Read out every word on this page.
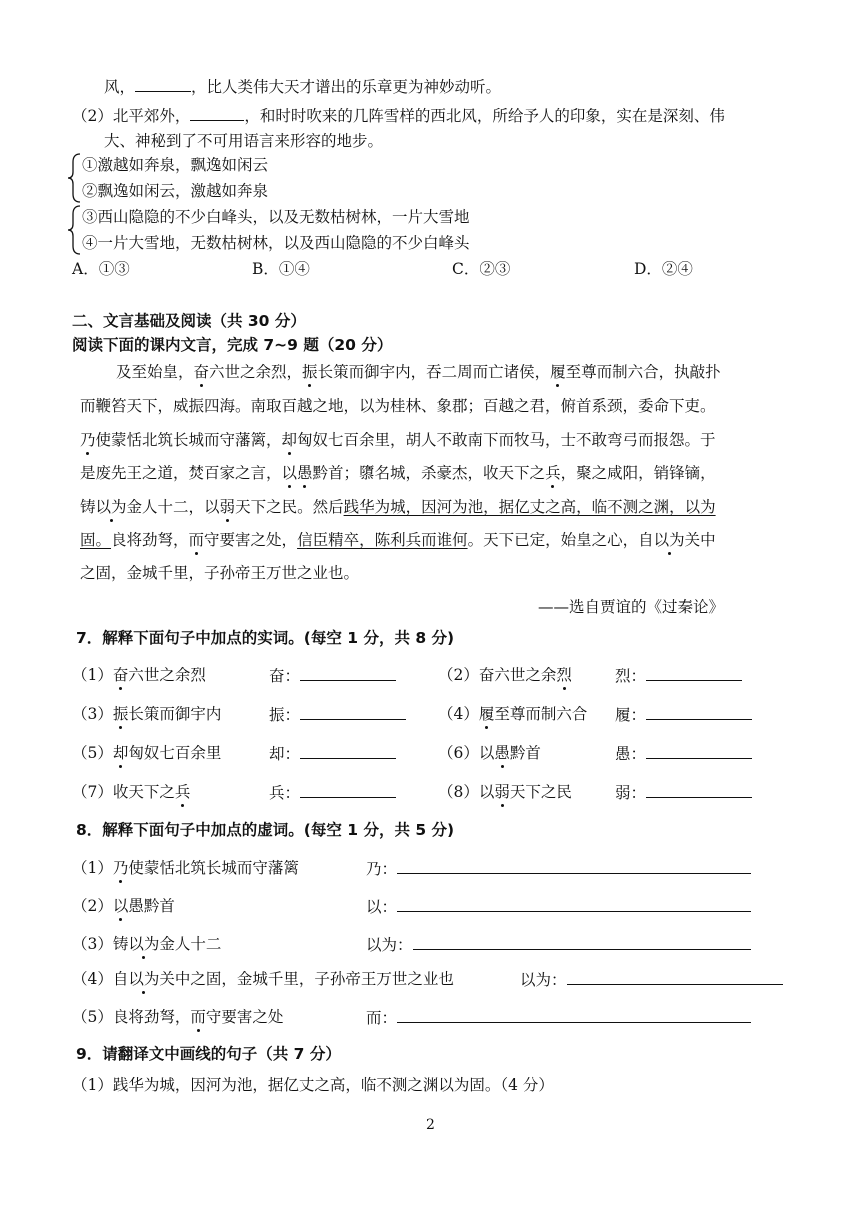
风，	，比人类伟大天才谱出的乐章更为神妙动听。
（2）北平郊外，	，和时时吹来的几阵雪样的西北风，所给予人的印象，实在是深刻、伟
大、神秘到了不可用语言来形容的地步。
①激越如奔泉，飘逸如闲云
②飘逸如闲云，激越如奔泉
③西山隐隐的不少白峰头，以及无数枯树林，一片大雪地
④一片大雪地，无数枯树林，以及西山隐隐的不少白峰头
A．①③	B．①④	C．②③	D．②④
二、文言基础及阅读（共 30 分）
阅读下面的课内文言，完成 7~9 题（20 分）
及至始皇，奋六世之余烈，振长策而御宇内，吞二周而亡诸侯，履至尊而制六合，执敲扑
而鞭笞天下，威振四海。南取百越之地，以为桂林、象郡；百越之君，俯首系颈，委命下吏。
乃使蒙恬北筑长城而守藩篱，却匈奴七百余里，胡人不敢南下而牧马，士不敢弯弓而报怨。于
是废先王之道，焚百家之言，以愚黔首；隳名城，杀豪杰，收天下之兵，聚之咸阳，销锋镝，
铸以为金人十二，以弱天下之民。然后践华为城，因河为池，据亿丈之高，临不测之渊，以为
固。良将劲弩，而守要害之处，信臣精卒，陈利兵而谁何。天下已定，始皇之心，自以为关中
之固，金城千里，子孙帝王万世之业也。
——选自贾谊的《过秦论》
7．解释下面句子中加点的实词。(每空 1 分，共 8 分)
（1）奋六世之余烈	奋：	（2）奋六世之余烈	烈：
（3）振长策而御宇内	振：	（4）履至尊而制六合 履：
（5）却匈奴七百余里	却：	（6）以愚黔首	愚：
（7）收天下之兵	兵：	（8）以弱天下之民	弱：
8．解释下面句子中加点的虚词。(每空 1 分，共 5 分)
（1）乃使蒙恬北筑长城而守藩篱	乃：
（2）以愚黔首	以：
（3）铸以为金人十二	以为：
（4）自以为关中之固，金城千里，子孙帝王万世之业也	以为：
（5）良将劲弩，而守要害之处	而：
9．请翻译文中画线的句子（共 7 分）
（1）践华为城，因河为池，据亿丈之高，临不测之渊以为固。（4 分）
2
